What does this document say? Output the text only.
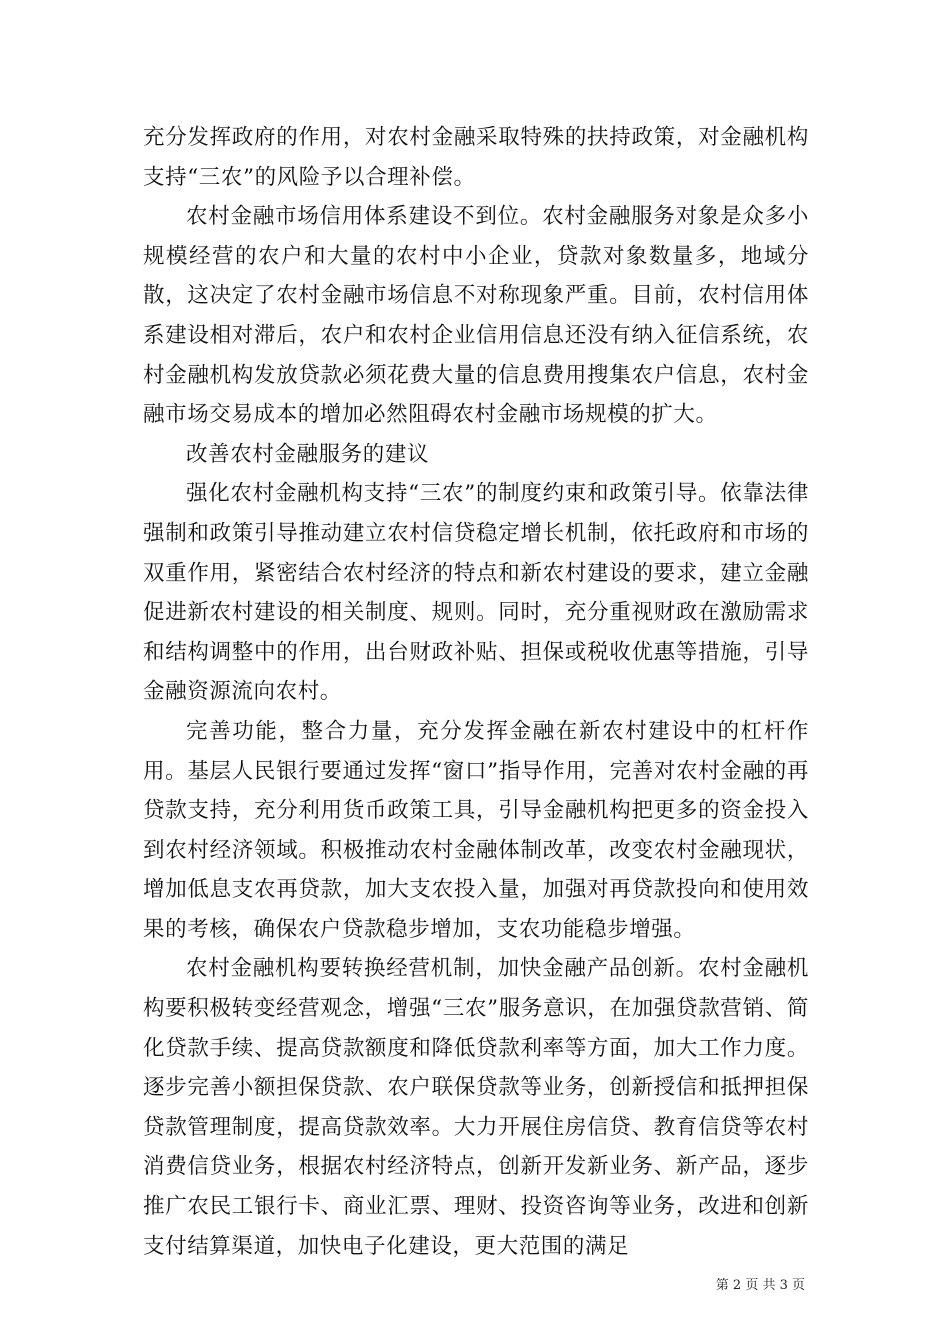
充分发挥政府的作用，对农村金融采取特殊的扶持政策，对金融机构支持“三农”的风险予以合理补偿。

农村金融市场信用体系建设不到位。农村金融服务对象是众多小规模经营的农户和大量的农村中小企业，贷款对象数量多，地域分散，这决定了农村金融市场信息不对称现象严重。目前，农村信用体系建设相对滞后，农户和农村企业信用信息还没有纳入征信系统，农村金融机构发放贷款必须花费大量的信息费用搜集农户信息，农村金融市场交易成本的增加必然阻碍农村金融市场规模的扩大。

改善农村金融服务的建议

强化农村金融机构支持“三农”的制度约束和政策引导。依靠法律强制和政策引导推动建立农村信贷稳定增长机制，依托政府和市场的双重作用，紧密结合农村经济的特点和新农村建设的要求，建立金融促进新农村建设的相关制度、规则。同时，充分重视财政在激励需求和结构调整中的作用，出台财政补贴、担保或税收优惠等措施，引导金融资源流向农村。

完善功能，整合力量，充分发挥金融在新农村建设中的杠杆作用。基层人民银行要通过发挥“窗口”指导作用，完善对农村金融的再贷款支持，充分利用货币政策工具，引导金融机构把更多的资金投入到农村经济领域。积极推动农村金融体制改革，改变农村金融现状，增加低息支农再贷款，加大支农投入量，加强对再贷款投向和使用效果的考核，确保农户贷款稳步增加，支农功能稳步增强。

农村金融机构要转换经营机制，加快金融产品创新。农村金融机构要积极转变经营观念，增强“三农”服务意识，在加强贷款营销、简化贷款手续、提高贷款额度和降低贷款利率等方面，加大工作力度。逐步完善小额担保贷款、农户联保贷款等业务，创新授信和抵押担保贷款管理制度，提高贷款效率。大力开展住房信贷、教育信贷等农村消费信贷业务，根据农村经济特点，创新开发新业务、新产品，逐步推广农民工银行卡、商业汇票、理财、投资咨询等业务，改进和创新支付结算渠道，加快电子化建设，更大范围的满足

第 2 页 共 3 页
